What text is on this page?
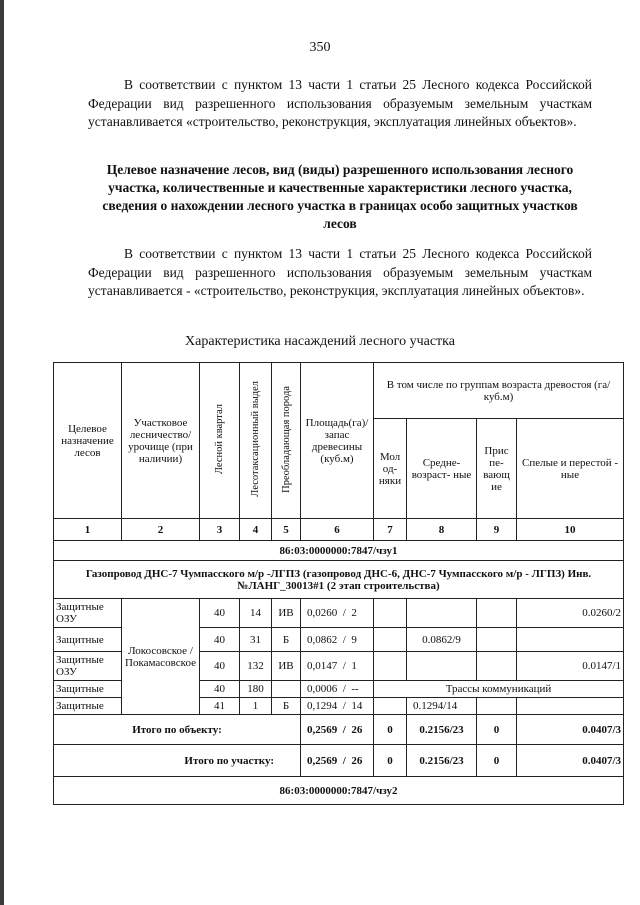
350

В соответствии с пунктом 13 части 1 статьи 25 Лесного кодекса Российской Федерации вид разрешенного использования образуемым земельным участкам устанавливается «строительство, реконструкция, эксплуатация линейных объектов».

Целевое назначение лесов, вид (виды) разрешенного использования лесного участка, количественные и качественные характеристики лесного участка, сведения о нахождении лесного участка в границах особо защитных участков лесов

В соответствии с пунктом 13 части 1 статьи 25 Лесного кодекса Российской Федерации вид разрешенного использования образуемым земельным участкам устанавливается - «строительство, реконструкция, эксплуатация линейных объектов».

Характеристика насаждений лесного участка
Целевое назначение лесов	Участковое лесничество/ урочище (при наличии)	Лесной квартал	Лесотаксационный выдел	Преобладающая порода	Площадь(га)/ запас древесины (куб.м)	В том числе по группам возраста древостоя (га/куб.м)			
						Мол од- няки	Средне- возраст- ные	Прис пе- вающ ие	Спелые и перестой - ные
1	2	3	4	5	6	7	8	9	10
86:03:0000000:7847/чзу1									
Газопровод ДНС-7 Чумпасского м/р -ЛГПЗ (газопровод ДНС-6, ДНС-7 Чумпасского м/р - ЛГПЗ) Инв. №ЛАНГ_30013#1 (2 этап строительства)									
Защитные ОЗУ	Локосовское / Покамасовское	40	14	ИВ	0,0260 / 2				0.0260/2
Защитные		40	31	Б	0,0862 / 9		0.0862/9		
Защитные ОЗУ		40	132	ИВ	0,0147 / 1				0.0147/1
Защитные		40	180		0,0006 / --	Трассы коммуникаций			
Защитные		41	1	Б	0,1294 / 14		0.1294/14		
Итого по объекту:					0,2569 / 26	0	0.2156/23	0	0.0407/3
Итого по участку:					0,2569 / 26	0	0.2156/23	0	0.0407/3
86:03:0000000:7847/чзу2									
